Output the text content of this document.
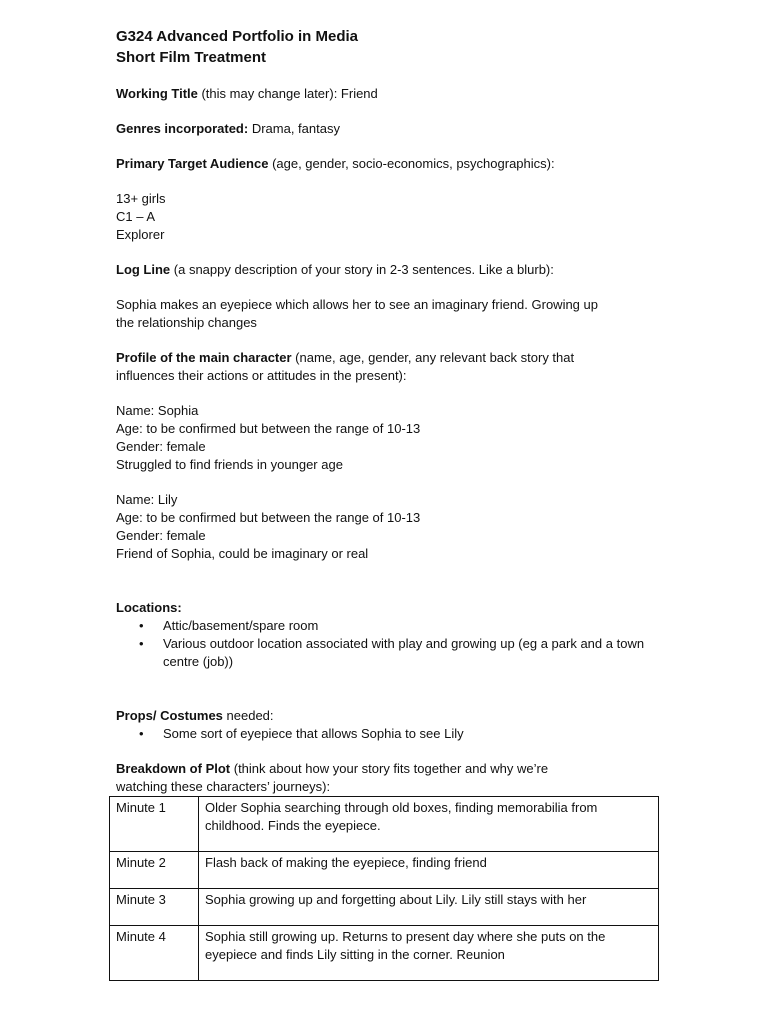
G324 Advanced Portfolio in Media
Short Film Treatment
Working Title (this may change later): Friend
Genres incorporated: Drama, fantasy
Primary Target Audience (age, gender, socio-economics, psychographics):
13+ girls
C1 – A
Explorer
Log Line (a snappy description of your story in 2-3 sentences. Like a blurb):
Sophia makes an eyepiece which allows her to see an imaginary friend. Growing up
the relationship changes
Profile of the main character (name, age, gender, any relevant back story that
influences their actions or attitudes in the present):
Name: Sophia
Age: to be confirmed but between the range of 10-13
Gender: female
Struggled to find friends in younger age
Name: Lily
Age: to be confirmed but between the range of 10-13
Gender: female
Friend of Sophia, could be imaginary or real
Locations:
• Attic/basement/spare room
• Various outdoor location associated with play and growing up (eg a park and a town centre (job))
Props/ Costumes needed:
• Some sort of eyepiece that allows Sophia to see Lily
Breakdown of Plot (think about how your story fits together and why we’re
watching these characters’ journeys):
Minute 1	Older Sophia searching through old boxes, finding memorabilia from childhood. Finds the eyepiece.
Minute 2	Flash back of making the eyepiece, finding friend
Minute 3	Sophia growing up and forgetting about Lily. Lily still stays with her
Minute 4	Sophia still growing up. Returns to present day where she puts on the eyepiece and finds Lily sitting in the corner. Reunion
